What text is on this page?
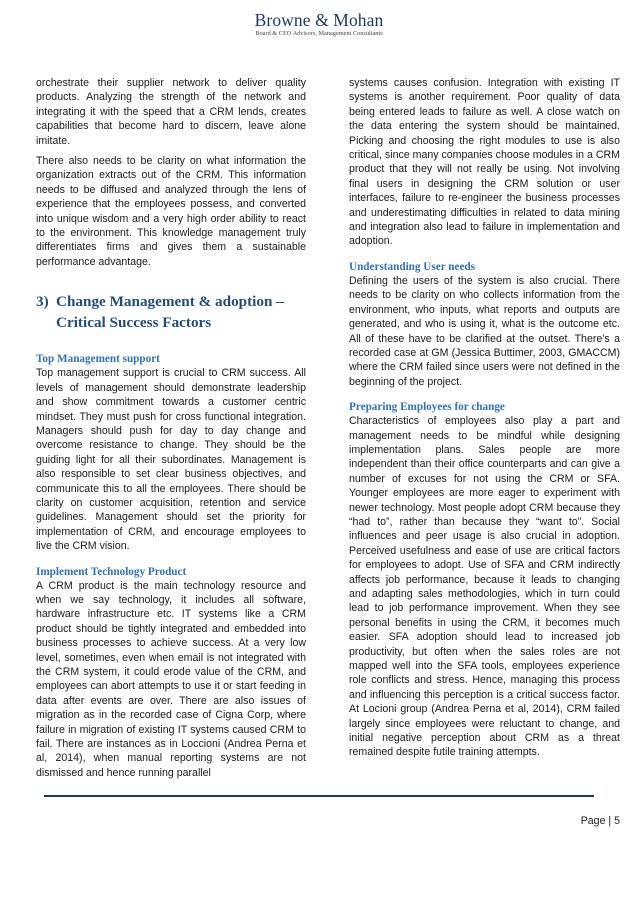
Browne & Mohan
Board & CEO Advisors, Management Consultants

orchestrate their supplier network to deliver quality products. Analyzing the strength of the network and integrating it with the speed that a CRM lends, creates capabilities that become hard to discern, leave alone imitate.

There also needs to be clarity on what information the organization extracts out of the CRM. This information needs to be diffused and analyzed through the lens of experience that the employees possess, and converted into unique wisdom and a very high order ability to react to the environment. This knowledge management truly differentiates firms and gives them a sustainable performance advantage.

3) Change Management & adoption – Critical Success Factors
Top Management support

Top management support is crucial to CRM success. All levels of management should demonstrate leadership and show commitment towards a customer centric mindset. They must push for cross functional integration. Managers should push for day to day change and overcome resistance to change. They should be the guiding light for all their subordinates. Management is also responsible to set clear business objectives, and communicate this to all the employees. There should be clarity on customer acquisition, retention and service guidelines. Management should set the priority for implementation of CRM, and encourage employees to live the CRM vision.

Implement Technology Product

A CRM product is the main technology resource and when we say technology, it includes all software, hardware infrastructure etc. IT systems like a CRM product should be tightly integrated and embedded into business processes to achieve success. At a very low level, sometimes, even when email is not integrated with the CRM system, it could erode value of the CRM, and employees can abort attempts to use it or start feeding in data after events are over. There are also issues of migration as in the recorded case of Cigna Corp, where failure in migration of existing IT systems caused CRM to fail. There are instances as in Loccioni (Andrea Perna et al, 2014), when manual reporting systems are not dismissed and hence running parallel

systems causes confusion. Integration with existing IT systems is another requirement. Poor quality of data being entered leads to failure as well. A close watch on the data entering the system should be maintained. Picking and choosing the right modules to use is also critical, since many companies choose modules in a CRM product that they will not really be using. Not involving final users in designing the CRM solution or user interfaces, failure to re-engineer the business processes and underestimating difficulties in related to data mining and integration also lead to failure in implementation and adoption.

Understanding User needs

Defining the users of the system is also crucial. There needs to be clarity on who collects information from the environment, who inputs, what reports and outputs are generated, and who is using it, what is the outcome etc. All of these have to be clarified at the outset. There’s a recorded case at GM (Jessica Buttimer, 2003, GMACCM) where the CRM failed since users were not defined in the beginning of the project.

Preparing Employees for change

Characteristics of employees also play a part and management needs to be mindful while designing implementation plans. Sales people are more independent than their office counterparts and can give a number of excuses for not using the CRM or SFA. Younger employees are more eager to experiment with newer technology. Most people adopt CRM because they “had to”, rather than because they “want to”. Social influences and peer usage is also crucial in adoption. Perceived usefulness and ease of use are critical factors for employees to adopt. Use of SFA and CRM indirectly affects job performance, because it leads to changing and adapting sales methodologies, which in turn could lead to job performance improvement. When they see personal benefits in using the CRM, it becomes much easier. SFA adoption should lead to increased job productivity, but often when the sales roles are not mapped well into the SFA tools, employees experience role conflicts and stress. Hence, managing this process and influencing this perception is a critical success factor. At Locioni group (Andrea Perna et al, 2014), CRM failed largely since employees were reluctant to change, and initial negative perception about CRM as a threat remained despite futile training attempts.

Page | 5
